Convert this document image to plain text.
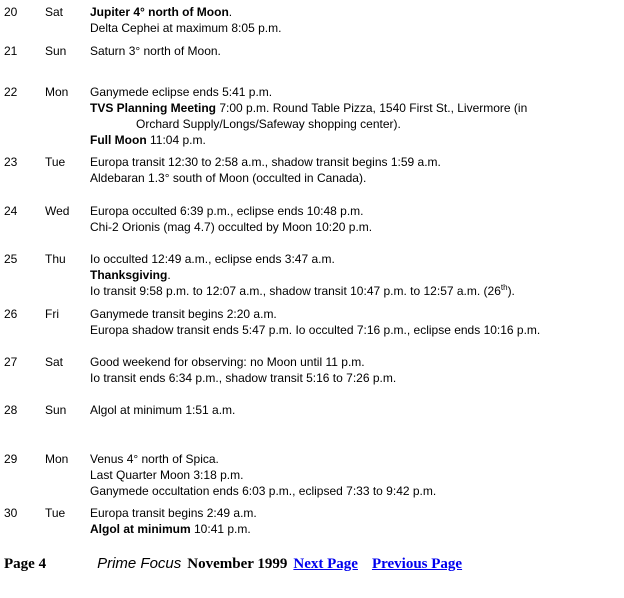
20 Sat Jupiter 4° north of Moon.
Delta Cephei at maximum 8:05 p.m.
21 Sun Saturn 3° north of Moon.
22 Mon Ganymede eclipse ends 5:41 p.m.
TVS Planning Meeting 7:00 p.m. Round Table Pizza, 1540 First St., Livermore (in
Orchard Supply/Longs/Safeway shopping center).
Full Moon 11:04 p.m.
23 Tue Europa transit 12:30 to 2:58 a.m., shadow transit begins 1:59 a.m.
Aldebaran 1.3° south of Moon (occulted in Canada).
24 Wed Europa occulted 6:39 p.m., eclipse ends 10:48 p.m.
Chi-2 Orionis (mag 4.7) occulted by Moon 10:20 p.m.
25 Thu Io occulted 12:49 a.m., eclipse ends 3:47 a.m.
Thanksgiving.
Io transit 9:58 p.m. to 12:07 a.m., shadow transit 10:47 p.m. to 12:57 a.m. (26th).
26 Fri	Ganymede transit begins 2:20 a.m.
Europa shadow transit ends 5:47 p.m. Io occulted 7:16 p.m., eclipse ends 10:16 p.m.
27 Sat Good weekend for observing: no Moon until 11 p.m.
Io transit ends 6:34 p.m., shadow transit 5:16 to 7:26 p.m.
28 Sun Algol at minimum 1:51 a.m.
29 Mon Venus 4° north of Spica.
Last Quarter Moon 3:18 p.m.
Ganymede occultation ends 6:03 p.m., eclipsed 7:33 to 9:42 p.m.
30 Tue Europa transit begins 2:49 a.m.
Algol at minimum 10:41 p.m.
Page 4	Prime Focus November 1999 Next Page Previous Page
